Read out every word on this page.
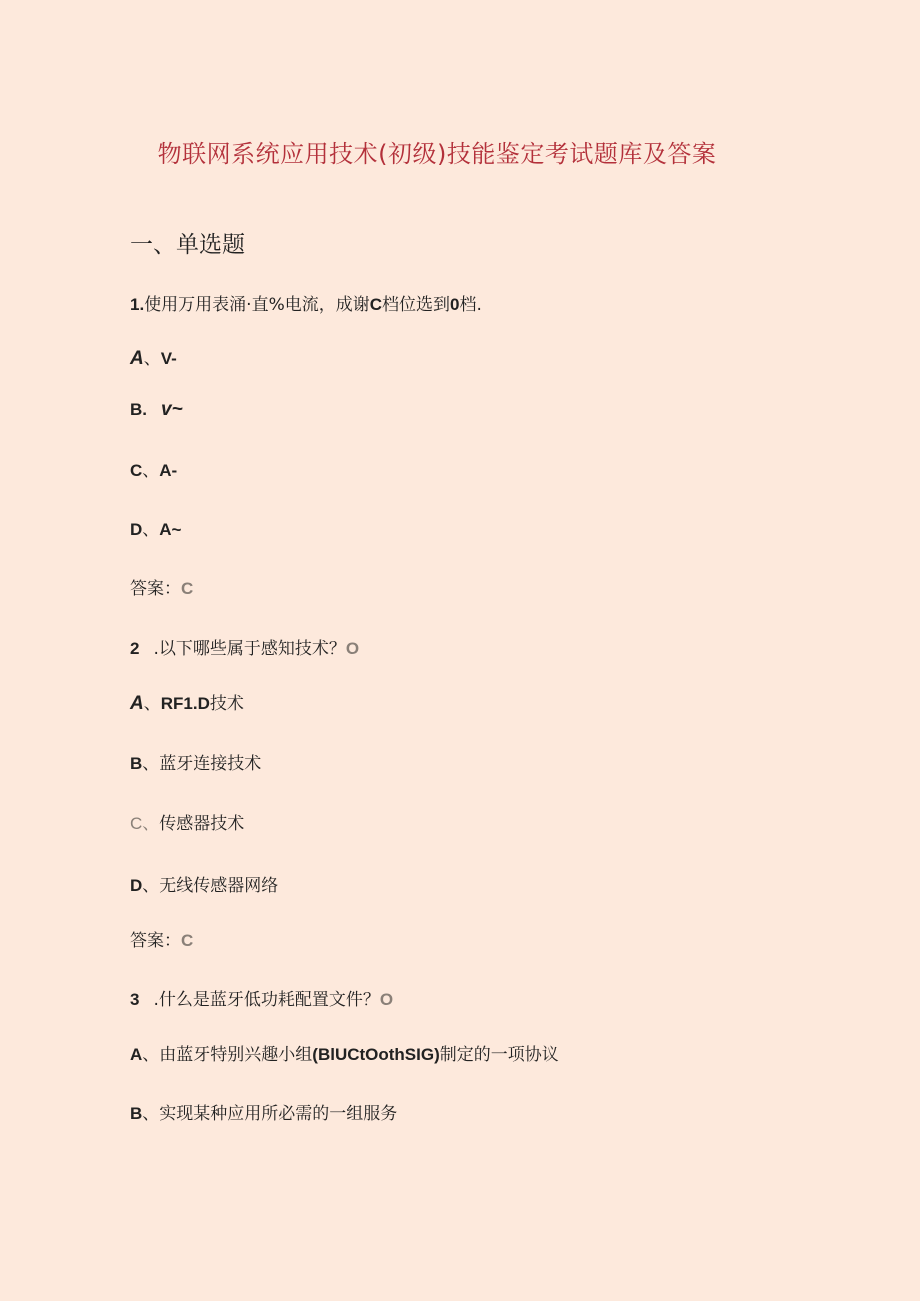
物联网系统应用技术(初级)技能鉴定考试题库及答案
一、单选题
1.使用万用表涌·直%电流，成谢C档位选到0档.
A、V-
B. v~
C、A-
D、A~
答案：C
2 .以下哪些属于感知技术？O
A、RF1.D技术
B、蓝牙连接技术
C、传感器技术
D、无线传感器网络
答案：C
3 .什么是蓝牙低功耗配置文件？O
A、由蓝牙特别兴趣小组(BlUCtOothSIG)制定的一项协议
B、实现某种应用所必需的一组服务
